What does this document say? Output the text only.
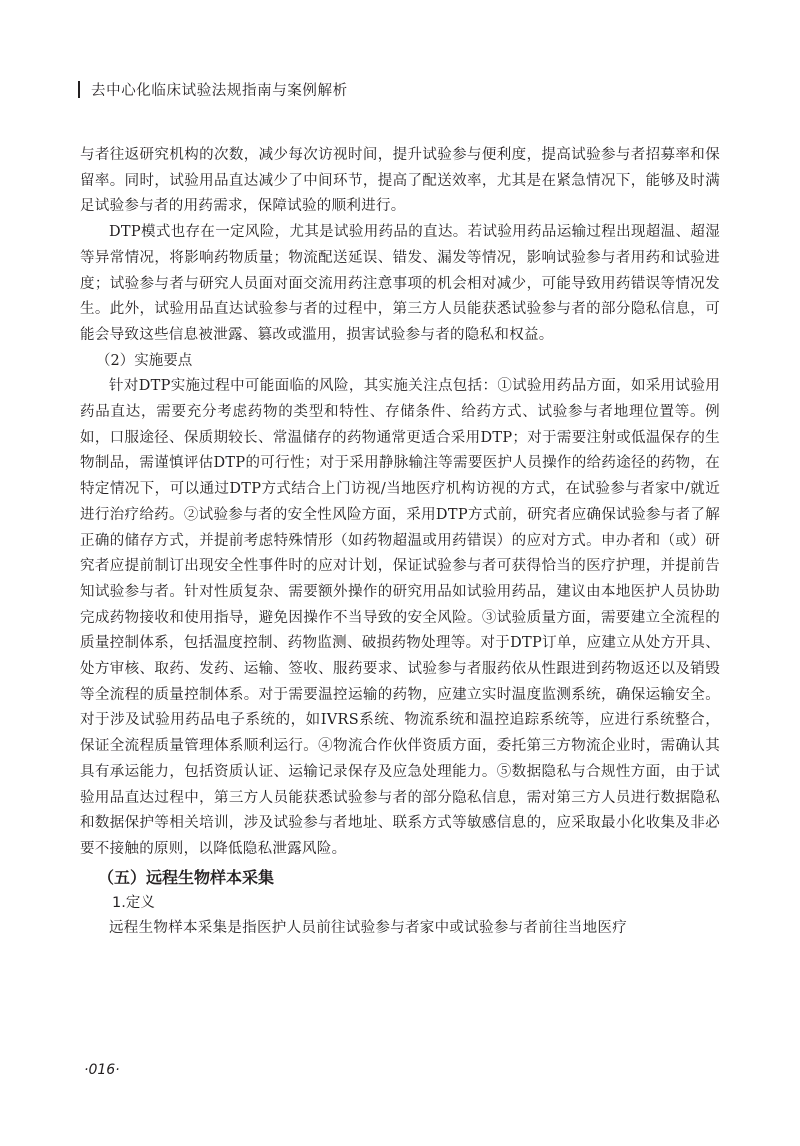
去中心化临床试验法规指南与案例解析

与者往返研究机构的次数，减少每次访视时间，提升试验参与便利度，提高试验参与者招募率和保留率。同时，试验用品直达减少了中间环节，提高了配送效率，尤其是在紧急情况下，能够及时满足试验参与者的用药需求，保障试验的顺利进行。

DTP模式也存在一定风险，尤其是试验用药品的直达。若试验用药品运输过程出现超温、超湿等异常情况，将影响药物质量；物流配送延误、错发、漏发等情况，影响试验参与者用药和试验进度；试验参与者与研究人员面对面交流用药注意事项的机会相对减少，可能导致用药错误等情况发生。此外，试验用品直达试验参与者的过程中，第三方人员能获悉试验参与者的部分隐私信息，可能会导致这些信息被泄露、篡改或滥用，损害试验参与者的隐私和权益。

（2）实施要点

针对DTP实施过程中可能面临的风险，其实施关注点包括：①试验用药品方面，如采用试验用药品直达，需要充分考虑药物的类型和特性、存储条件、给药方式、试验参与者地理位置等。例如，口服途径、保质期较长、常温储存的药物通常更适合采用DTP；对于需要注射或低温保存的生物制品，需谨慎评估DTP的可行性；对于采用静脉输注等需要医护人员操作的给药途径的药物，在特定情况下，可以通过DTP方式结合上门访视/当地医疗机构访视的方式，在试验参与者家中/就近进行治疗给药。②试验参与者的安全性风险方面，采用DTP方式前，研究者应确保试验参与者了解正确的储存方式，并提前考虑特殊情形（如药物超温或用药错误）的应对方式。申办者和（或）研究者应提前制订出现安全性事件时的应对计划，保证试验参与者可获得恰当的医疗护理，并提前告知试验参与者。针对性质复杂、需要额外操作的研究用品如试验用药品，建议由本地医护人员协助完成药物接收和使用指导，避免因操作不当导致的安全风险。③试验质量方面，需要建立全流程的质量控制体系，包括温度控制、药物监测、破损药物处理等。对于DTP订单，应建立从处方开具、处方审核、取药、发药、运输、签收、服药要求、试验参与者服药依从性跟进到药物返还以及销毁等全流程的质量控制体系。对于需要温控运输的药物，应建立实时温度监测系统，确保运输安全。对于涉及试验用药品电子系统的，如IVRS系统、物流系统和温控追踪系统等，应进行系统整合，保证全流程质量管理体系顺利运行。④物流合作伙伴资质方面，委托第三方物流企业时，需确认其具有承运能力，包括资质认证、运输记录保存及应急处理能力。⑤数据隐私与合规性方面，由于试验用品直达过程中，第三方人员能获悉试验参与者的部分隐私信息，需对第三方人员进行数据隐私和数据保护等相关培训，涉及试验参与者地址、联系方式等敏感信息的，应采取最小化收集及非必要不接触的原则，以降低隐私泄露风险。

（五）远程生物样本采集

1.定义

远程生物样本采集是指医护人员前往试验参与者家中或试验参与者前往当地医疗

·016·
